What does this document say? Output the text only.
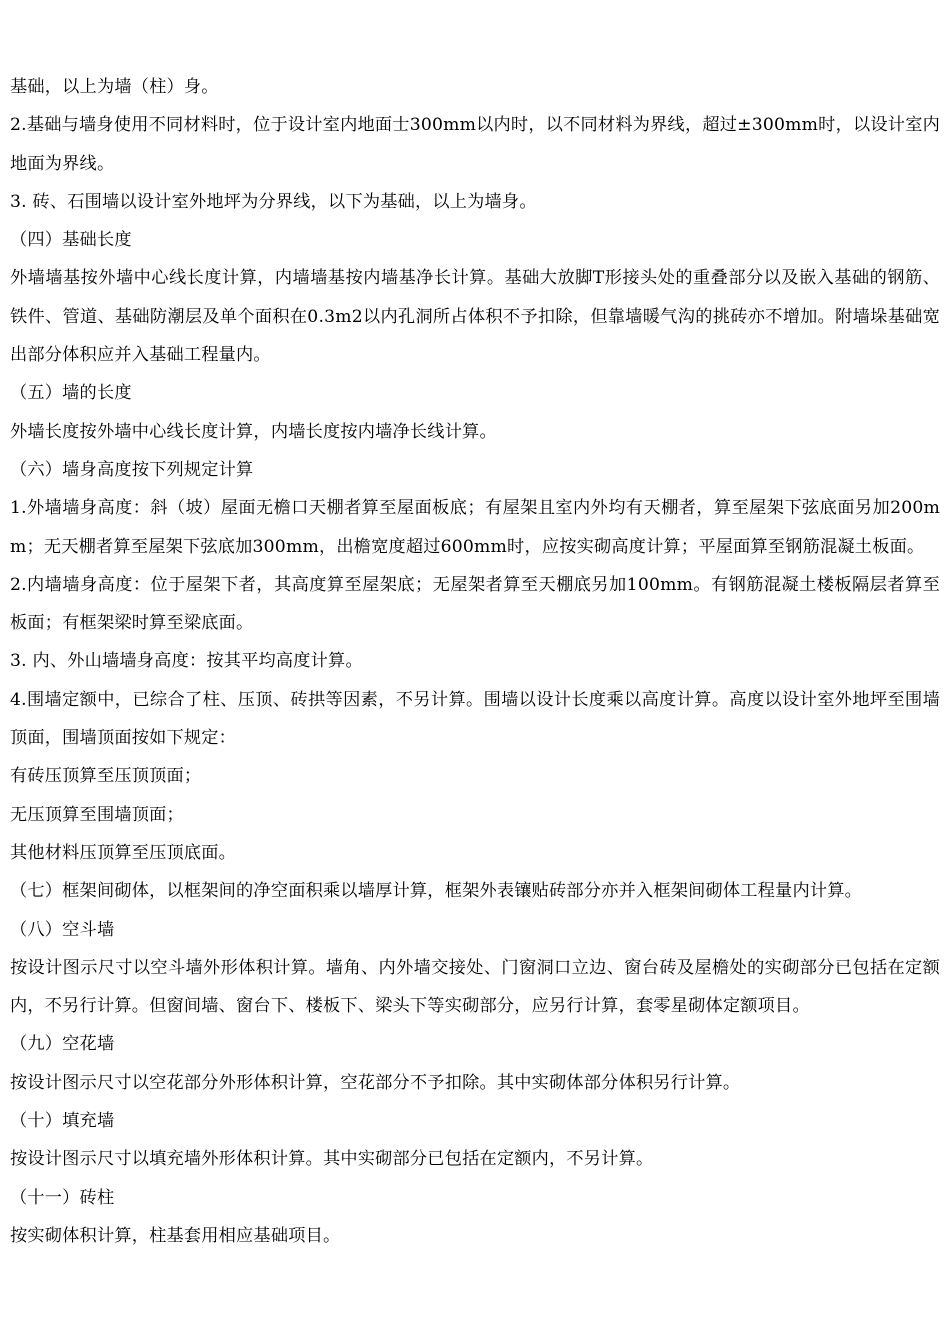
基础，以上为墙（柱）身。

2.基础与墙身使用不同材料时，位于设计室内地面士300mm以内时，以不同材料为界线，超过±300mm时，以设计室内地面为界线。

3. 砖、石围墙以设计室外地坪为分界线，以下为基础，以上为墙身。

（四）基础长度

外墙墙基按外墙中心线长度计算，内墙墙基按内墙基净长计算。基础大放脚T形接头处的重叠部分以及嵌入基础的钢筋、铁件、管道、基础防潮层及单个面积在0.3m2以内孔洞所占体积不予扣除，但靠墙暖气沟的挑砖亦不增加。附墙垛基础宽出部分体积应并入基础工程量内。

（五）墙的长度

外墙长度按外墙中心线长度计算，内墙长度按内墙净长线计算。

（六）墙身高度按下列规定计算

1.外墙墙身高度：斜（坡）屋面无檐口天棚者算至屋面板底；有屋架且室内外均有天棚者，算至屋架下弦底面另加200mm；无天棚者算至屋架下弦底加300mm，出檐宽度超过600mm时，应按实砌高度计算；平屋面算至钢筋混凝土板面。

2.内墙墙身高度：位于屋架下者，其高度算至屋架底；无屋架者算至天棚底另加100mm。有钢筋混凝土楼板隔层者算至板面；有框架梁时算至梁底面。

3. 内、外山墙墙身高度：按其平均高度计算。

4.围墙定额中，已综合了柱、压顶、砖拱等因素，不另计算。围墙以设计长度乘以高度计算。高度以设计室外地坪至围墙顶面，围墙顶面按如下规定：

有砖压顶算至压顶顶面；

无压顶算至围墙顶面；

其他材料压顶算至压顶底面。

（七）框架间砌体，以框架间的净空面积乘以墙厚计算，框架外表镶贴砖部分亦并入框架间砌体工程量内计算。

（八）空斗墙

按设计图示尺寸以空斗墙外形体积计算。墙角、内外墙交接处、门窗洞口立边、窗台砖及屋檐处的实砌部分已包括在定额内，不另行计算。但窗间墙、窗台下、楼板下、梁头下等实砌部分，应另行计算，套零星砌体定额项目。

（九）空花墙

按设计图示尺寸以空花部分外形体积计算，空花部分不予扣除。其中实砌体部分体积另行计算。

（十）填充墙

按设计图示尺寸以填充墙外形体积计算。其中实砌部分已包括在定额内，不另计算。

（十一）砖柱

按实砌体积计算，柱基套用相应基础项目。
